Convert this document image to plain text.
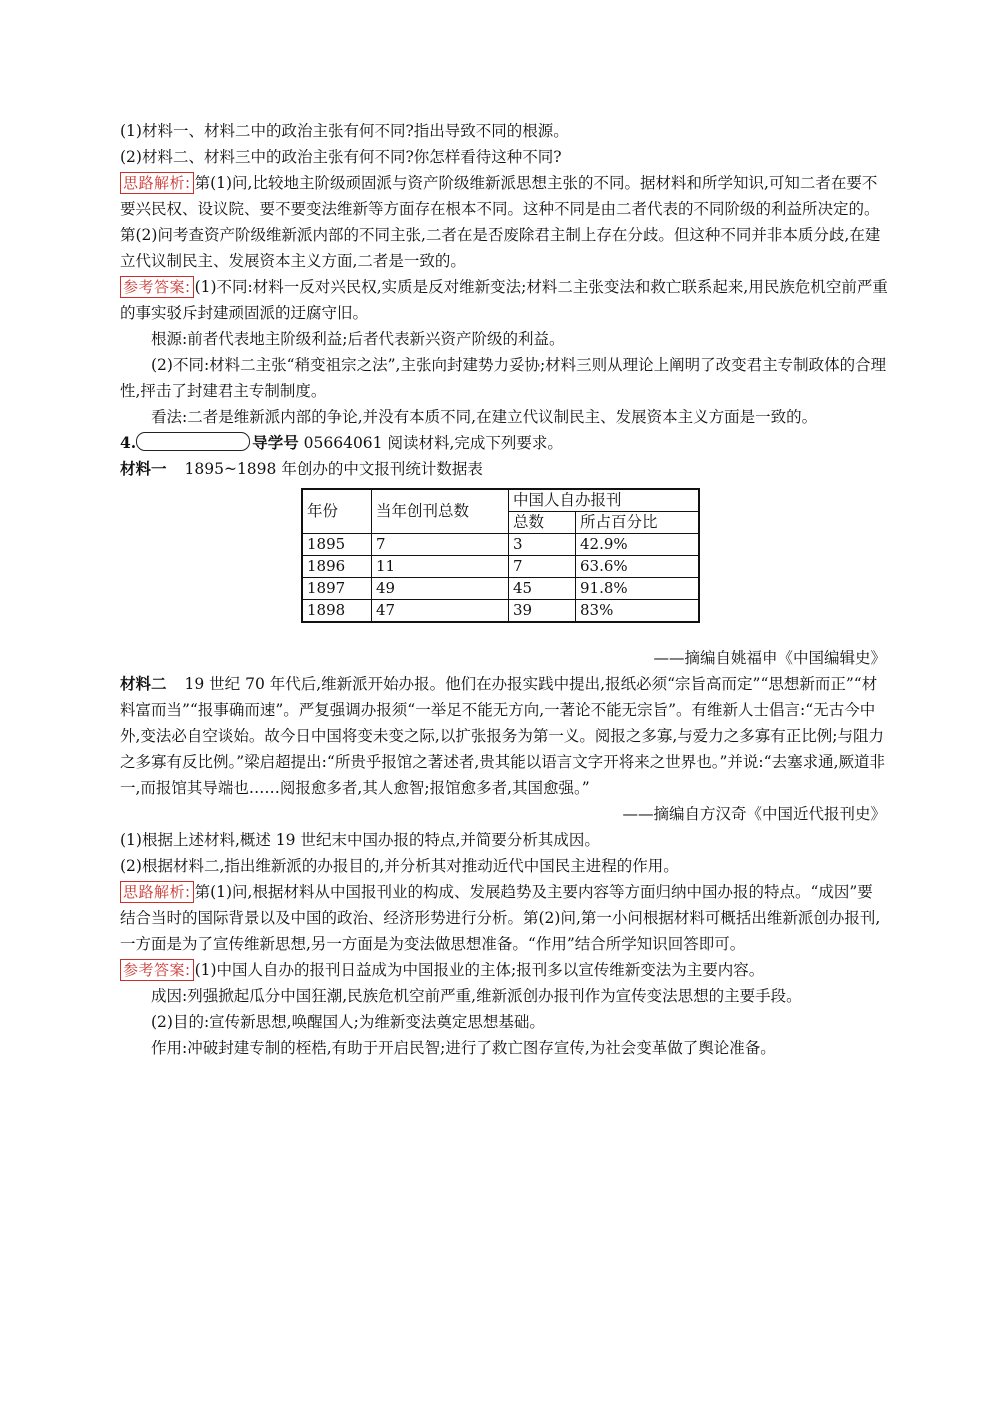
(1)材料一、材料二中的政治主张有何不同?指出导致不同的根源。

(2)材料二、材料三中的政治主张有何不同?你怎样看待这种不同?

思路解析: 第(1)问,比较地主阶级顽固派与资产阶级维新派思想主张的不同。据材料和所学知识,可知二者在要不要兴民权、设议院、要不要变法维新等方面存在根本不同。这种不同是由二者代表的不同阶级的利益所决定的。第(2)问考查资产阶级维新派内部的不同主张,二者在是否废除君主制上存在分歧。但这种不同并非本质分歧,在建立代议制民主、发展资本主义方面,二者是一致的。

参考答案: (1)不同:材料一反对兴民权,实质是反对维新变法;材料二主张变法和救亡联系起来,用民族危机空前严重的事实驳斥封建顽固派的迂腐守旧。

根源:前者代表地主阶级利益;后者代表新兴资产阶级的利益。

(2)不同:材料二主张“稍变祖宗之法”,主张向封建势力妥协;材料三则从理论上阐明了改变君主专制政体的合理性,抨击了封建君主专制制度。

看法:二者是维新派内部的争论,并没有本质不同,在建立代议制民主、发展资本主义方面是一致的。

4.	导学号 05664061 阅读材料,完成下列要求。

材料一 1895~1898 年创办的中文报刊统计数据表

年份	当年创刊总数	中国人自办报刊	
		总数	所占百分比
1895	7	3	42.9%
1896	11	7	63.6%
1897	49	45	91.8%
1898	47	39	83%

——摘编自姚福申《中国编辑史》

材料二 19 世纪 70 年代后,维新派开始办报。他们在办报实践中提出,报纸必须“宗旨高而定”“思想新而正”“材料富而当”“报事确而速”。严复强调办报须“一举足不能无方向,一著论不能无宗旨”。有维新人士倡言:“无古今中外,变法必自空谈始。故今日中国将变未变之际,以扩张报务为第一义。阅报之多寡,与爱力之多寡有正比例;与阻力之多寡有反比例。”梁启超提出:“所贵乎报馆之著述者,贵其能以语言文字开将来之世界也。”并说:“去塞求通,厥道非一,而报馆其导端也……阅报愈多者,其人愈智;报馆愈多者,其国愈强。”

——摘编自方汉奇《中国近代报刊史》

(1)根据上述材料,概述 19 世纪末中国办报的特点,并简要分析其成因。

(2)根据材料二,指出维新派的办报目的,并分析其对推动近代中国民主进程的作用。

思路解析: 第(1)问,根据材料从中国报刊业的构成、发展趋势及主要内容等方面归纳中国办报的特点。“成因”要结合当时的国际背景以及中国的政治、经济形势进行分析。第(2)问,第一小问根据材料可概括出维新派创办报刊,一方面是为了宣传维新思想,另一方面是为变法做思想准备。“作用”结合所学知识回答即可。

参考答案: (1)中国人自办的报刊日益成为中国报业的主体;报刊多以宣传维新变法为主要内容。

成因:列强掀起瓜分中国狂潮,民族危机空前严重,维新派创办报刊作为宣传变法思想的主要手段。

(2)目的:宣传新思想,唤醒国人;为维新变法奠定思想基础。

作用:冲破封建专制的桎梏,有助于开启民智;进行了救亡图存宣传,为社会变革做了舆论准备。
